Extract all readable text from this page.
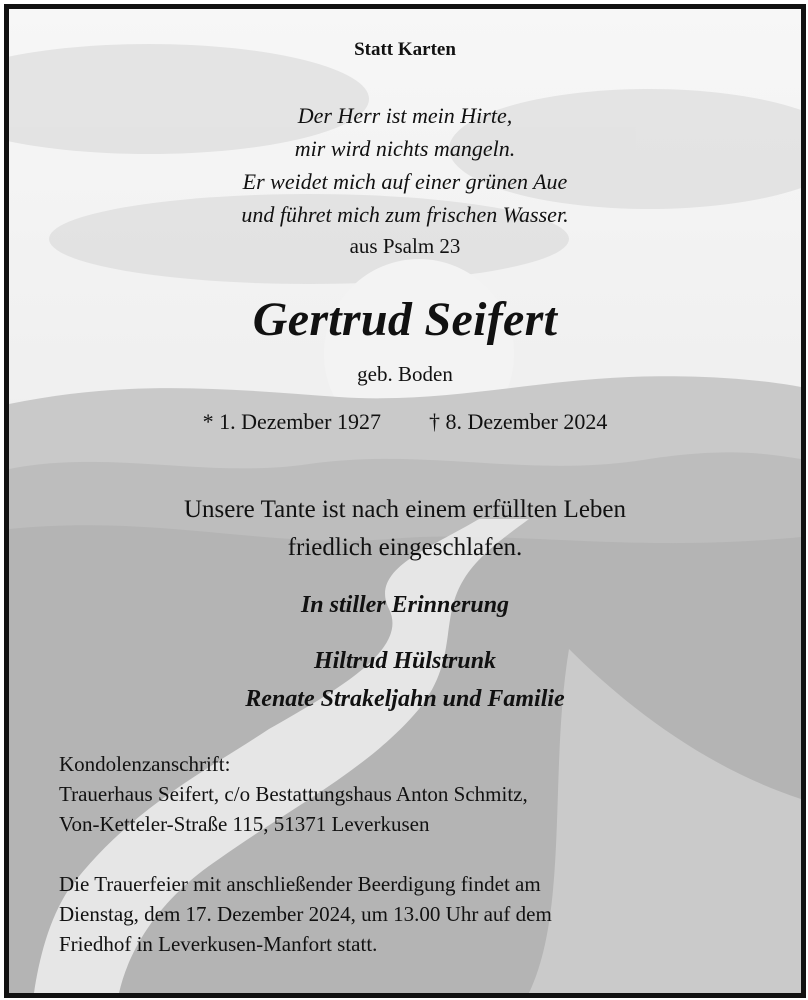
Statt Karten

Der Herr ist mein Hirte,
mir wird nichts mangeln.
Er weidet mich auf einer grünen Aue
und führet mich zum frischen Wasser.

aus Psalm 23

Gertrud Seifert

geb. Boden

* 1. Dezember 1927 † 8. Dezember 2024

Unsere Tante ist nach einem erfüllten Leben
friedlich eingeschlafen.

In stiller Erinnerung

Hiltrud Hülstrunk
Renate Strakeljahn und Familie
Kondolenzanschrift:
Trauerhaus Seifert, c/o Bestattungshaus Anton Schmitz,
Von-Ketteler-Straße 115, 51371 Leverkusen
Die Trauerfeier mit anschließender Beerdigung findet am
Dienstag, dem 17. Dezember 2024, um 13.00 Uhr auf dem
Friedhof in Leverkusen-Manfort statt.
